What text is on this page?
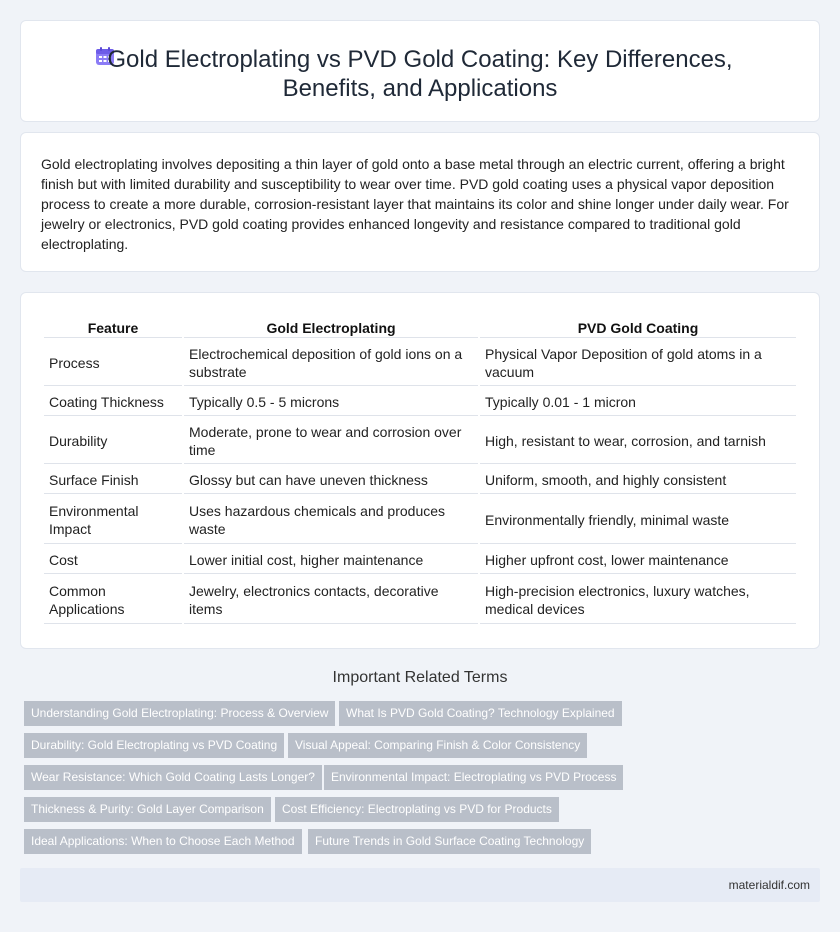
Gold Electroplating vs PVD Gold Coating: Key Differences, Benefits, and Applications

Gold electroplating involves depositing a thin layer of gold onto a base metal through an electric current, offering a bright finish but with limited durability and susceptibility to wear over time. PVD gold coating uses a physical vapor deposition process to create a more durable, corrosion-resistant layer that maintains its color and shine longer under daily wear. For jewelry or electronics, PVD gold coating provides enhanced longevity and resistance compared to traditional gold electroplating.

Feature	Gold Electroplating	PVD Gold Coating
Process	Electrochemical deposition of gold ions on a substrate	Physical Vapor Deposition of gold atoms in a vacuum
Coating Thickness	Typically 0.5 - 5 microns	Typically 0.01 - 1 micron
Durability	Moderate, prone to wear and corrosion over time	High, resistant to wear, corrosion, and tarnish
Surface Finish	Glossy but can have uneven thickness	Uniform, smooth, and highly consistent
Environmental Impact	Uses hazardous chemicals and produces waste	Environmentally friendly, minimal waste
Cost	Lower initial cost, higher maintenance	Higher upfront cost, lower maintenance
Common Applications	Jewelry, electronics contacts, decorative items	High-precision electronics, luxury watches, medical devices
Important Related Terms
Understanding Gold Electroplating: Process & Overview	What Is PVD Gold Coating? Technology Explained
Durability: Gold Electroplating vs PVD Coating	Visual Appeal: Comparing Finish & Color Consistency
Wear Resistance: Which Gold Coating Lasts Longer?	Environmental Impact: Electroplating vs PVD Process
Thickness & Purity: Gold Layer Comparison	Cost Efficiency: Electroplating vs PVD for Products
Ideal Applications: When to Choose Each Method	Future Trends in Gold Surface Coating Technology
materialdif.com
